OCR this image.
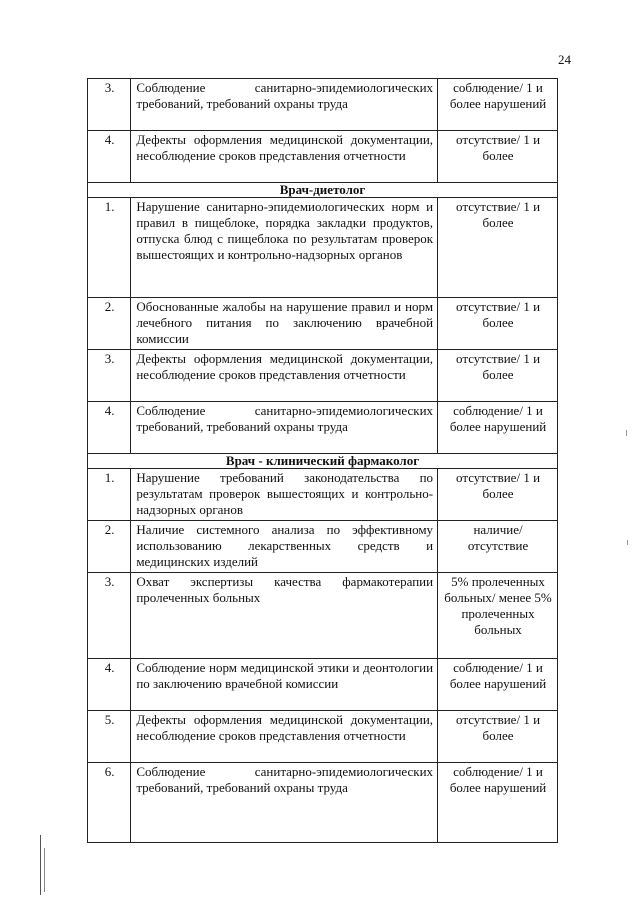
24
3.	Соблюдение санитарно-эпидемиологических требований, требований охраны труда	соблюдение/ 1 и более нарушений
4.	Дефекты оформления медицинской документации, несоблюдение сроков представления отчетности	отсутствие/ 1 и более
Врач-диетолог		
1.	Нарушение санитарно-эпидемиологических норм и правил в пищеблоке, порядка закладки продуктов, отпуска блюд с пищеблока по результатам проверок вышестоящих и контрольно-надзорных органов	отсутствие/ 1 и более
2.	Обоснованные жалобы на нарушение правил и норм лечебного питания по заключению врачебной комиссии	отсутствие/ 1 и более
3.	Дефекты оформления медицинской документации, несоблюдение сроков представления отчетности	отсутствие/ 1 и более
4.	Соблюдение санитарно-эпидемиологических требований, требований охраны труда	соблюдение/ 1 и более нарушений
Врач - клинический фармаколог		
1.	Нарушение требований законодательства по результатам проверок вышестоящих и контрольно-надзорных органов	отсутствие/ 1 и более
2.	Наличие системного анализа по эффективному использованию лекарственных средств и медицинских изделий	наличие/ отсутствие
3.	Охват экспертизы качества фармакотерапии пролеченных больных	5% пролеченных больных/ менее 5% пролеченных больных
4.	Соблюдение норм медицинской этики и деонтологии по заключению врачебной комиссии	соблюдение/ 1 и более нарушений
5.	Дефекты оформления медицинской документации, несоблюдение сроков представления отчетности	отсутствие/ 1 и более
6.	Соблюдение санитарно-эпидемиологических требований, требований охраны труда	соблюдение/ 1 и более нарушений
